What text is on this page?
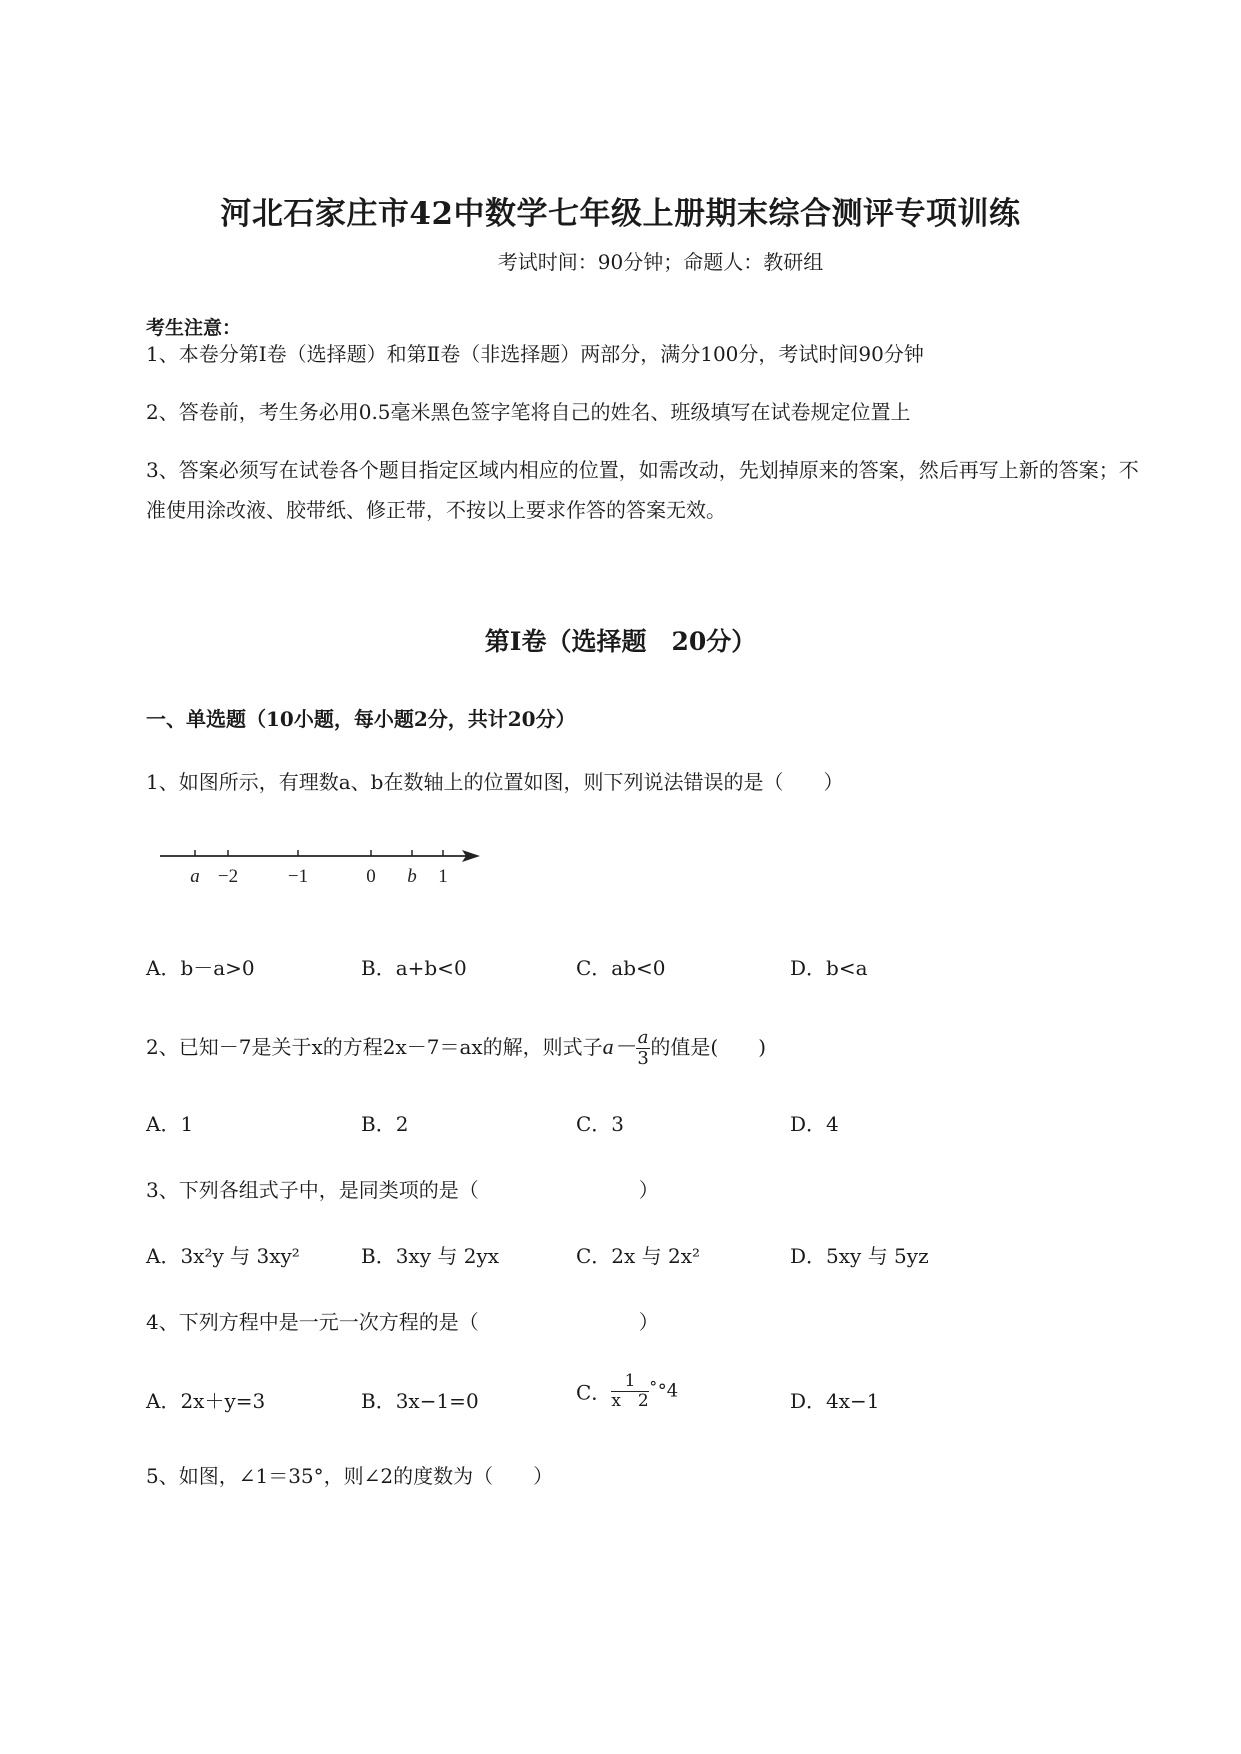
河北石家庄市42中数学七年级上册期末综合测评专项训练
考试时间：90分钟；命题人：教研组
考生注意：
1、本卷分第I卷（选择题）和第Ⅱ卷（非选择题）两部分，满分100分，考试时间90分钟
2、答卷前，考生务必用0.5毫米黑色签字笔将自己的姓名、班级填写在试卷规定位置上
3、答案必须写在试卷各个题目指定区域内相应的位置，如需改动，先划掉原来的答案，然后再写上新的答案；不准使用涂改液、胶带纸、修正带，不按以上要求作答的答案无效。
第I卷（选择题　20分）
一、单选题（10小题，每小题2分，共计20分）
1、如图所示，有理数a、b在数轴上的位置如图，则下列说法错误的是（　　）
a −2	−1	0 b 1
A．b－a>0	B．a+b<0	C．ab<0	D．b<a
2、已知－7是关于x的方程2x－7＝ax的解，则式子$a- \frac{a}{3}$ 的值是(　　)
A．1	B．2	C．3	D．4
3、下列各组式子中，是同类项的是（　　　　　　　　）
A．3x²y 与 3xy²	B．3xy 与 2yx	C．2x 与 2x²	D．5xy 与 5yz
4、下列方程中是一元一次方程的是（　　　　　　　　）
A．2x＋y=3	B．3x−1=0	C． $\frac{1}{x 2}$ ˚°4	D．4x−1
5、如图，∠1＝35°，则∠2的度数为（　　）
